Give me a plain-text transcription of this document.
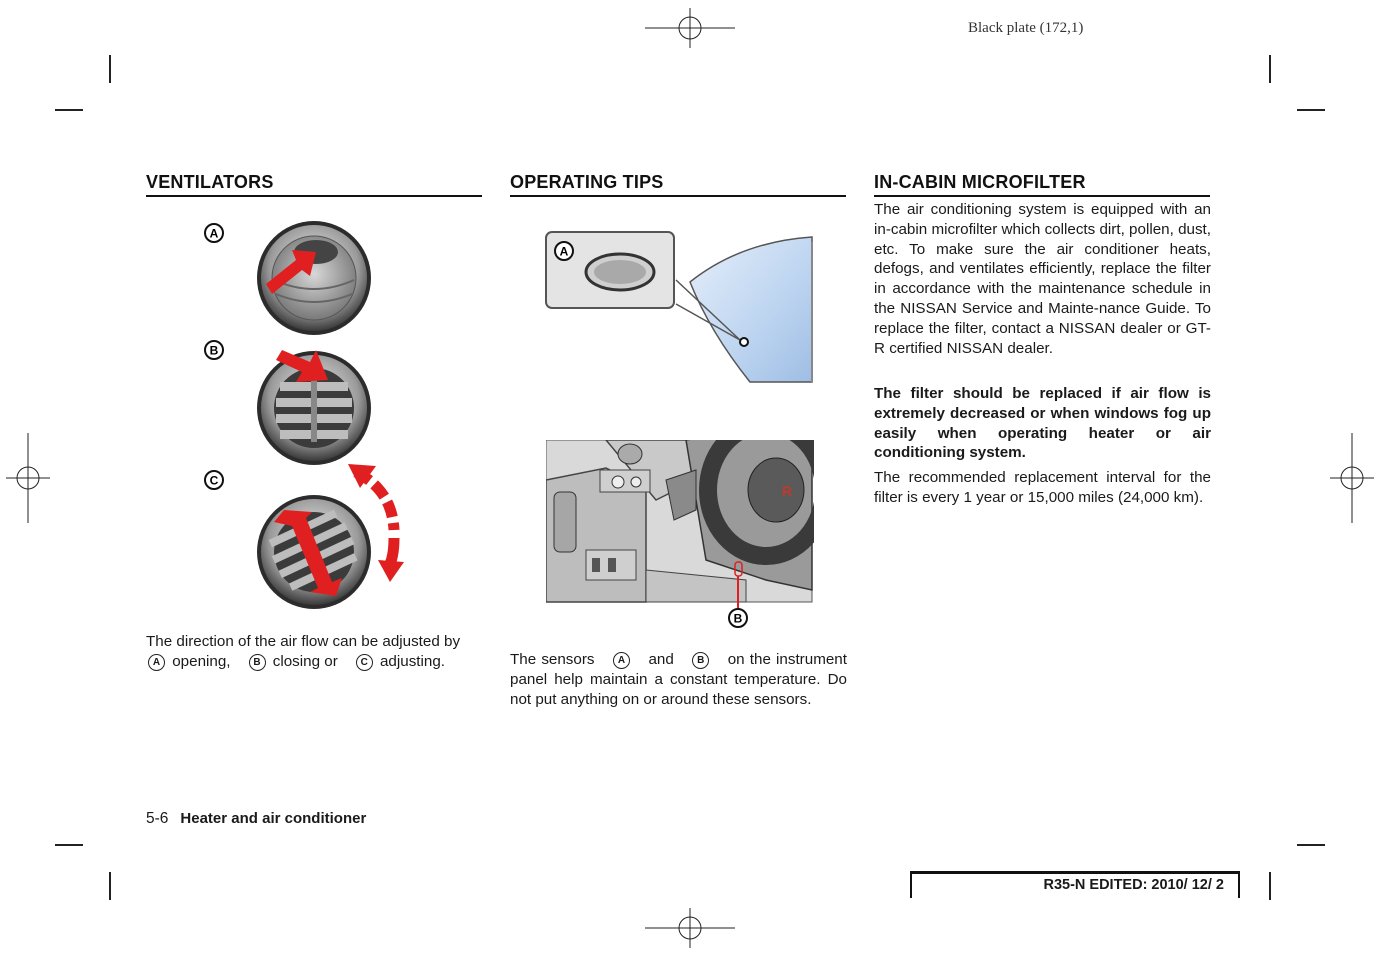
Black plate (172,1)
VENTILATORS
A
B
C
The direction of the air flow can be adjusted by

A opening,	B closing or	C adjusting.
OPERATING TIPS
A
R
B
The sensors A and B on the instrument panel help maintain a constant temperature. Do not put anything on or around these sensors.
IN-CABIN MICROFILTER
The air conditioning system is equipped with an in-cabin microfilter which collects dirt, pollen, dust, etc. To make sure the air conditioner heats, defogs, and ventilates efficiently, replace the filter in accordance with the maintenance schedule in the NISSAN Service and Mainte-nance Guide. To replace the filter, contact a NISSAN dealer or GT-R certified NISSAN dealer.
The filter should be replaced if air flow is extremely decreased or when windows fog up easily when operating heater or air conditioning system.
The recommended replacement interval for the filter is every 1 year or 15,000 miles (24,000 km).
5-6 Heater and air conditioner
R35-N EDITED: 2010/ 12/ 2
